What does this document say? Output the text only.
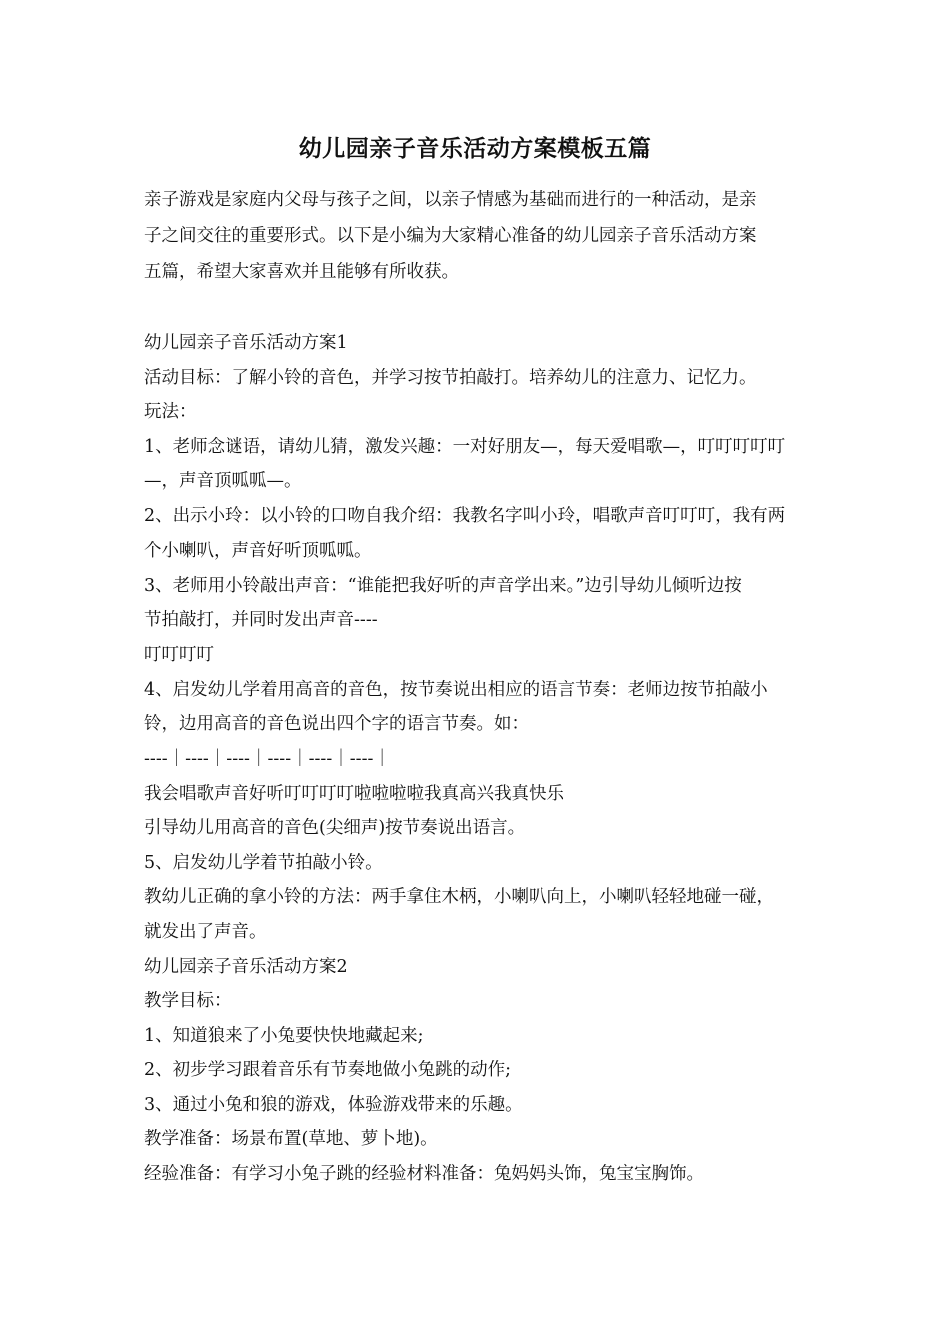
幼儿园亲子音乐活动方案模板五篇
亲子游戏是家庭内父母与孩子之间，以亲子情感为基础而进行的一种活动，是亲
子之间交往的重要形式。以下是小编为大家精心准备的幼儿园亲子音乐活动方案
五篇，希望大家喜欢并且能够有所收获。
幼儿园亲子音乐活动方案1
活动目标：了解小铃的音色，并学习按节拍敲打。培养幼儿的注意力、记忆力。
玩法：
1、老师念谜语，请幼儿猜，激发兴趣：一对好朋友—，每天爱唱歌—，叮叮叮叮叮
—，声音顶呱呱—。
2、出示小玲：以小铃的口吻自我介绍：我教名字叫小玲，唱歌声音叮叮叮，我有两
个小喇叭，声音好听顶呱呱。
3、老师用小铃敲出声音：“谁能把我好听的声音学出来。”边引导幼儿倾听边按
节拍敲打，并同时发出声音----
叮叮叮叮
4、启发幼儿学着用高音的音色，按节奏说出相应的语言节奏：老师边按节拍敲小
铃，边用高音的音色说出四个字的语言节奏。如：
----｜----｜----｜----｜----｜----｜
我会唱歌声音好听叮叮叮叮啦啦啦啦我真高兴我真快乐
引导幼儿用高音的音色(尖细声)按节奏说出语言。
5、启发幼儿学着节拍敲小铃。
教幼儿正确的拿小铃的方法：两手拿住木柄，小喇叭向上，小喇叭轻轻地碰一碰，
就发出了声音。
幼儿园亲子音乐活动方案2
教学目标：
1、知道狼来了小兔要快快地藏起来;
2、初步学习跟着音乐有节奏地做小兔跳的动作;
3、通过小兔和狼的游戏，体验游戏带来的乐趣。
教学准备：场景布置(草地、萝卜地)。
经验准备：有学习小兔子跳的经验材料准备：兔妈妈头饰，兔宝宝胸饰。
